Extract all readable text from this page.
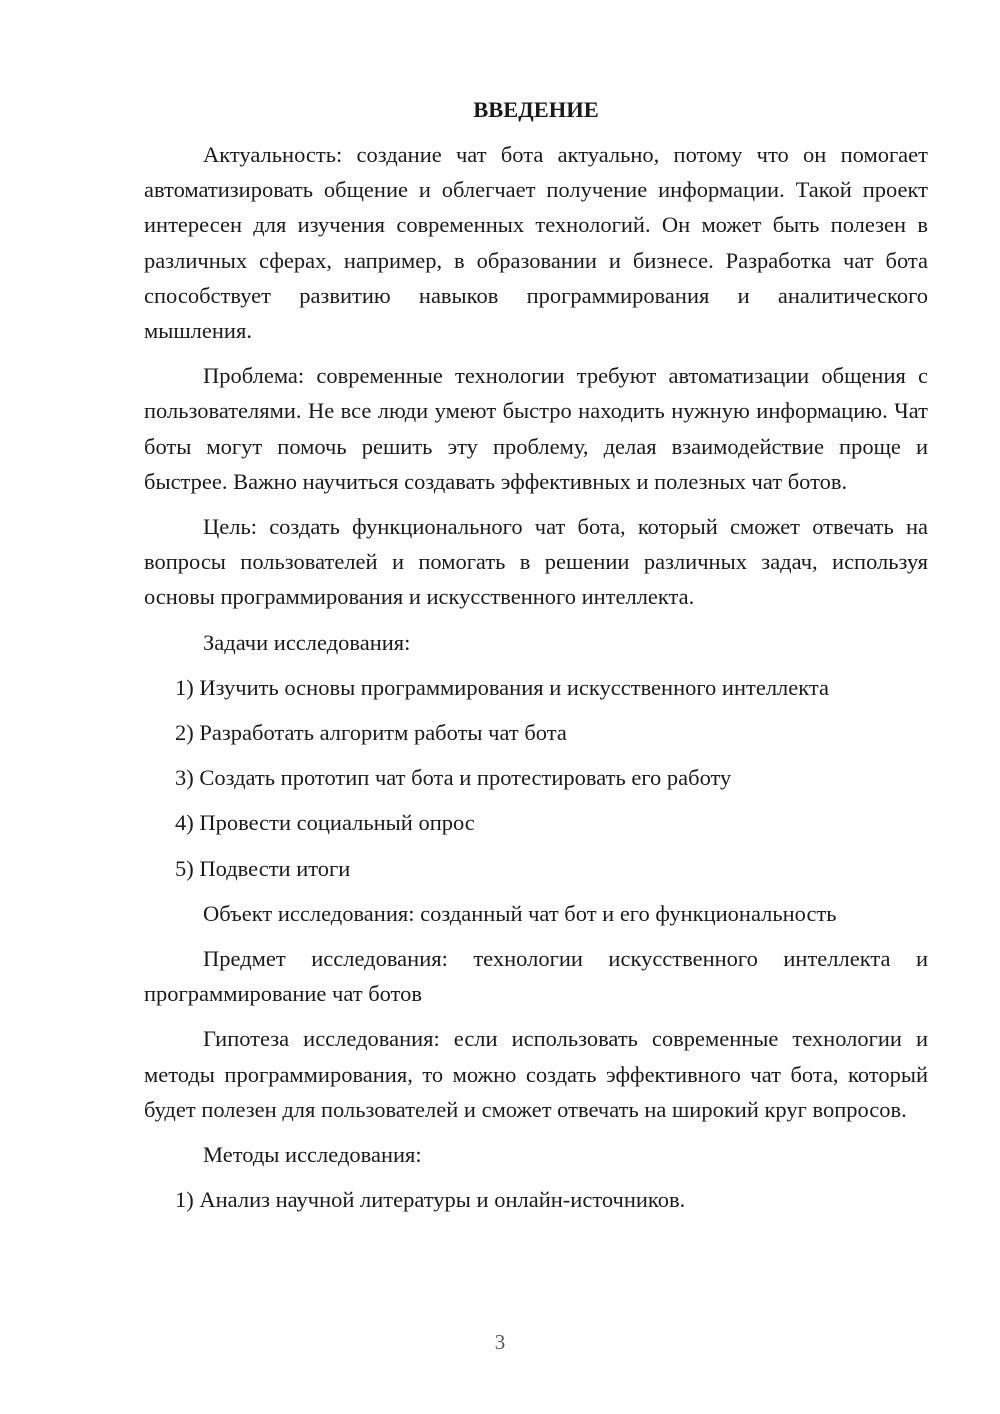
ВВЕДЕНИЕ

Актуальность: создание чат бота актуально, потому что он помогает автоматизировать общение и облегчает получение информации. Такой проект интересен для изучения современных технологий. Он может быть полезен в различных сферах, например, в образовании и бизнесе. Разработка чат бота способствует развитию навыков программирования и аналитического мышления.

Проблема: современные технологии требуют автоматизации общения с пользователями. Не все люди умеют быстро находить нужную информацию. Чат боты могут помочь решить эту проблему, делая взаимодействие проще и быстрее. Важно научиться создавать эффективных и полезных чат ботов.

Цель: создать функционального чат бота, который сможет отвечать на вопросы пользователей и помогать в решении различных задач, используя основы программирования и искусственного интеллекта.

Задачи исследования:

1) Изучить основы программирования и искусственного интеллекта
2) Разработать алгоритм работы чат бота
3) Создать прототип чат бота и протестировать его работу
4) Провести социальный опрос
5) Подвести итоги

Объект исследования: созданный чат бот и его функциональность

Предмет исследования: технологии искусственного интеллекта и программирование чат ботов

Гипотеза исследования: если использовать современные технологии и методы программирования, то можно создать эффективного чат бота, который будет полезен для пользователей и сможет отвечать на широкий круг вопросов.

Методы исследования:

1) Анализ научной литературы и онлайн-источников.
3
